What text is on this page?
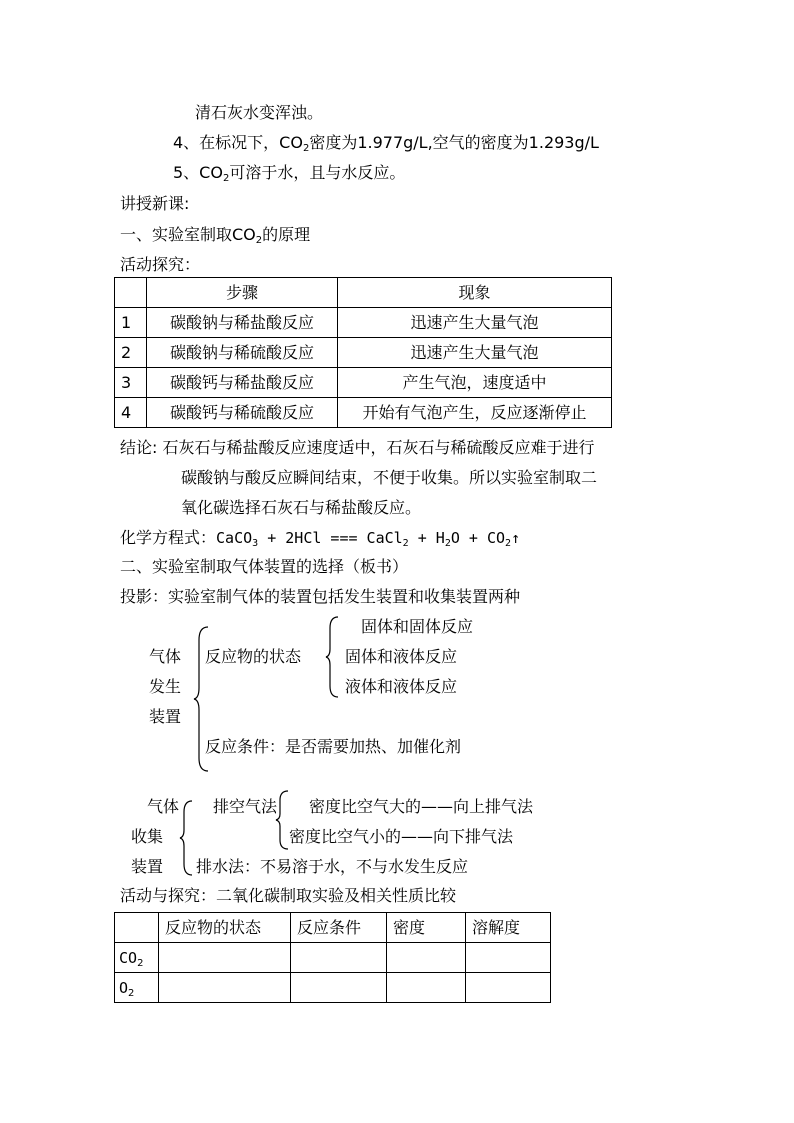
清石灰水变浑浊。
4、在标况下，$CO_2$密度为1.977g/L,空气的密度为1.293g/L
5、$CO_2$可溶于水，且与水反应。
讲授新课:
一、实验室制取$CO_2$的原理
活动探究：
	步骤	现象
1	碳酸钠与稀盐酸反应	迅速产生大量气泡
2	碳酸钠与稀硫酸反应	迅速产生大量气泡
3	碳酸钙与稀盐酸反应	产生气泡，速度适中
4	碳酸钙与稀硫酸反应	开始有气泡产生，反应逐渐停止
结论: 石灰石与稀盐酸反应速度适中，石灰石与稀硫酸反应难于进行
碳酸钠与酸反应瞬间结束，不便于收集。所以实验室制取二
氧化碳选择石灰石与稀盐酸反应。
化学方程式：CaCO$_3$ + 2HCl === CaCl$_2$ + $H_2O$ + $CO_2↑$
二、实验室制取气体装置的选择（板书）
投影：实验室制气体的装置包括发生装置和收集装置两种
气体
发生
装置
反应物的状态
固体和固体反应
固体和液体反应
液体和液体反应
反应条件：是否需要加热、加催化剂
气体
收集
装置
排空气法 密度比空气大的——向上排气法
密度比空气小的——向下排气法
排水法：不易溶于水，不与水发生反应
活动与探究：二氧化碳制取实验及相关性质比较
	反应物的状态	反应条件	密度	溶解度
$CO_2$				
$O_2$				
